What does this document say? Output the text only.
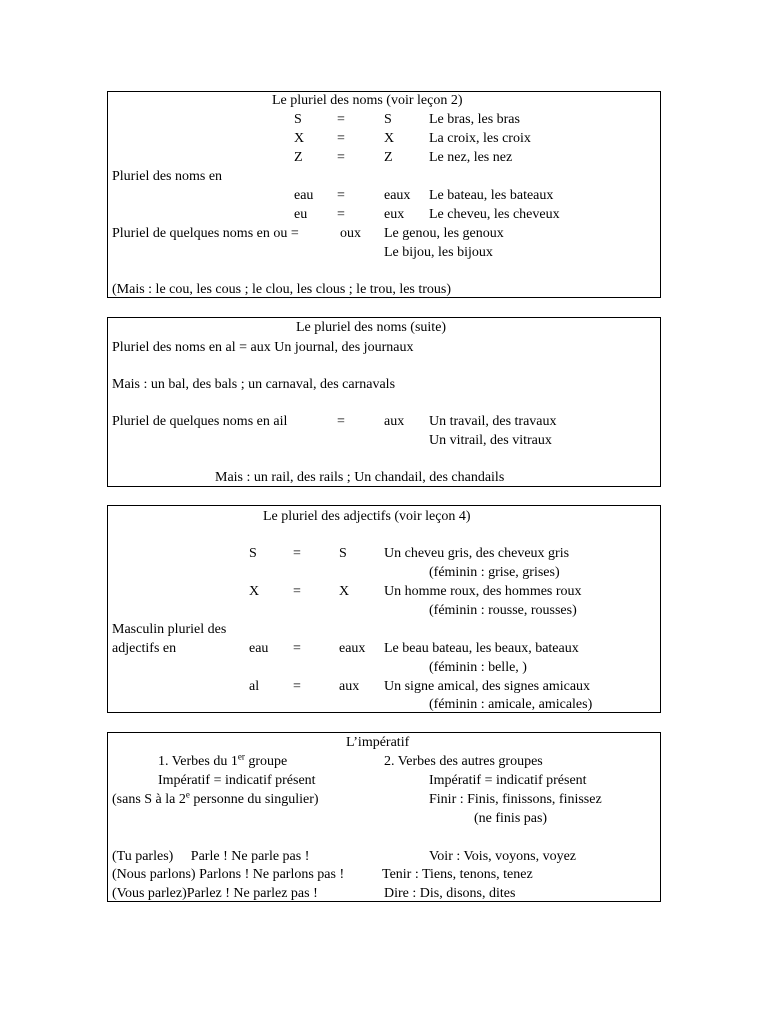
Le pluriel des noms (voir leçon 2)
S	=	S	Le bras, les bras
X =	X La croix, les croix
Z =	Z	Le nez, les nez
Pluriel des noms en
eau =	eaux Le bateau, les bateaux
eu =	eux Le cheveu, les cheveux
Pluriel de quelques noms en ou =	oux Le genou, les genoux
Le bijou, les bijoux
(Mais : le cou, les cous ; le clou, les clous ; le trou, les trous)
Le pluriel des noms (suite)
Pluriel des noms en al = aux Un journal, des journaux
Mais : un bal, des bals ; un carnaval, des carnavals
Pluriel de quelques noms en ail	=	aux Un travail, des travaux
Un vitrail, des vitraux
Mais : un rail, des rails ; Un chandail, des chandails
Le pluriel des adjectifs (voir leçon 4)
S	=	S	Un cheveu gris, des cheveux gris
(féminin : grise, grises)
X =	X Un homme roux, des hommes roux
(féminin : rousse, rousses)
Masculin pluriel des
adjectifs en	eau =	eaux Le beau bateau, les beaux, bateaux
(féminin : belle, )
al =	aux Un signe amical, des signes amicaux
(féminin : amicale, amicales)
L’impératif
1. Verbes du 1er groupe	2. Verbes des autres groupes
Impératif = indicatif présent	Impératif = indicatif présent
(sans S à la 2e personne du singulier)	Finir : Finis, finissons, finissez
(ne finis pas)
(Tu parles)     Parle ! Ne parle pas !	Voir : Vois, voyons, voyez
(Nous parlons) Parlons ! Ne parlons pas !	Tenir : Tiens, tenons, tenez
(Vous parlez)Parlez ! Ne parlez pas !	Dire : Dis, disons, dites
